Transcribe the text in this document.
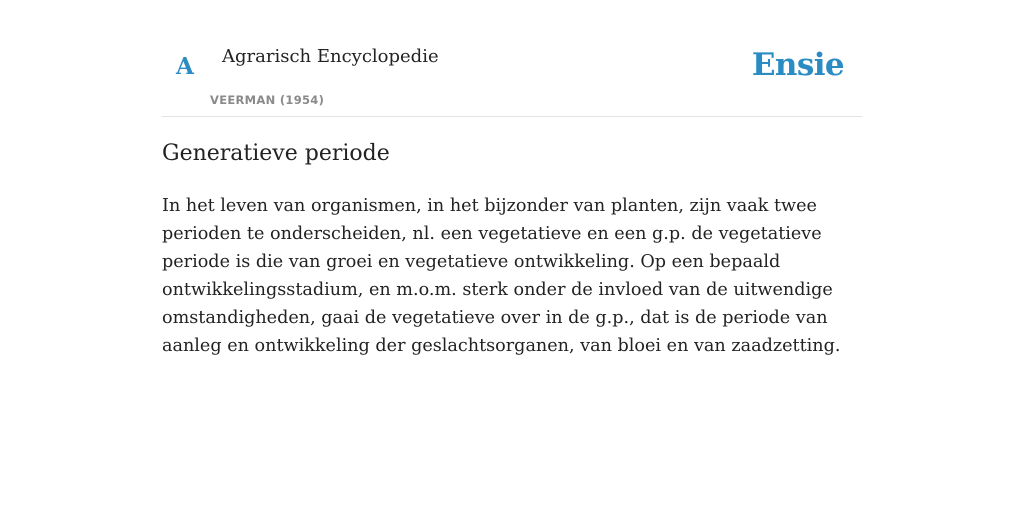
A Agrarisch Encyclopedie
VEERMAN (1954)
Ensie
Generatieve periode

In het leven van organismen, in het bijzonder van planten, zijn vaak twee perioden te onderscheiden, nl. een vegetatieve en een g.p. de vegetatieve periode is die van groei en vegetatieve ontwikkeling. Op een bepaald ontwikkelingsstadium, en m.o.m. sterk onder de invloed van de uitwendige omstandigheden, gaai de vegetatieve over in de g.p., dat is de periode van aanleg en ontwikkeling der geslachtsorganen, van bloei en van zaadzetting.
